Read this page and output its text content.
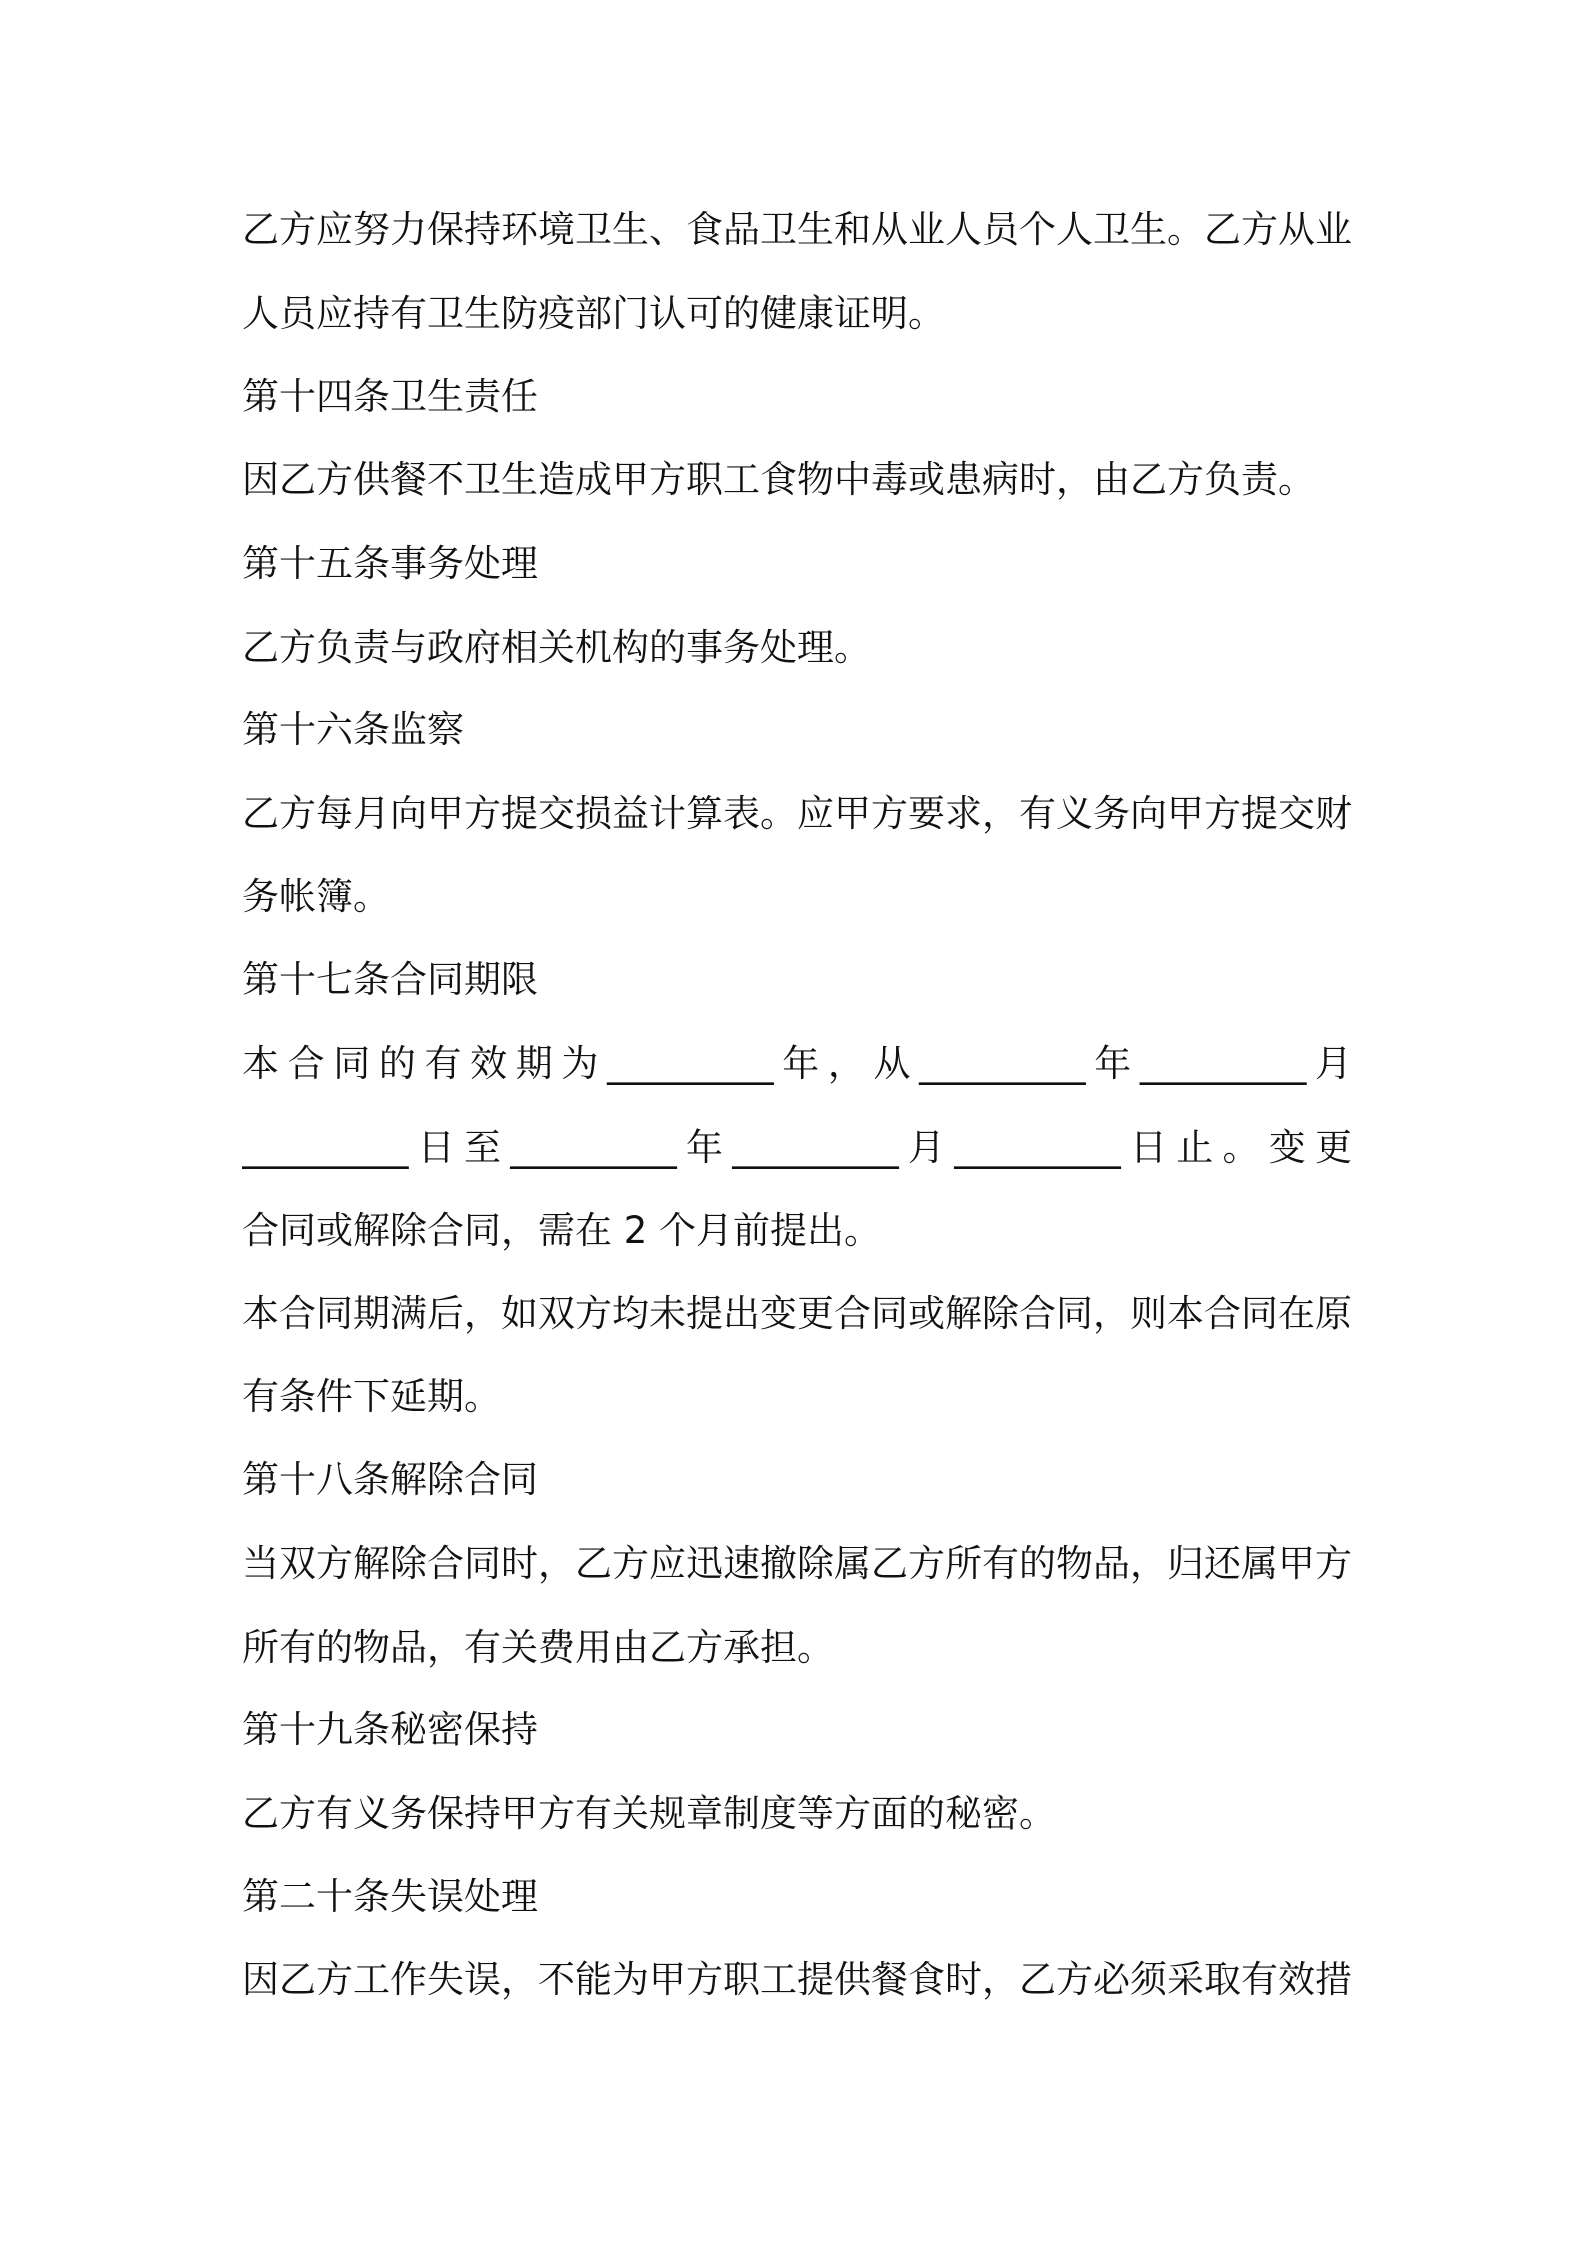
乙方应努力保持环境卫生、食品卫生和从业人员个人卫生。乙方从业
人员应持有卫生防疫部门认可的健康证明。
第十四条卫生责任
因乙方供餐不卫生造成甲方职工食物中毒或患病时，由乙方负责。
第十五条事务处理
乙方负责与政府相关机构的事务处理。
第十六条监察
乙方每月向甲方提交损益计算表。应甲方要求，有义务向甲方提交财
务帐簿。
第十七条合同期限
本合同的有效期为_________年，从_________年_________月
_________日至_________年_________月_________日止。变更
合同或解除合同，需在 2 个月前提出。
本合同期满后，如双方均未提出变更合同或解除合同，则本合同在原
有条件下延期。
第十八条解除合同
当双方解除合同时，乙方应迅速撤除属乙方所有的物品，归还属甲方
所有的物品，有关费用由乙方承担。
第十九条秘密保持
乙方有义务保持甲方有关规章制度等方面的秘密。
第二十条失误处理
因乙方工作失误，不能为甲方职工提供餐食时，乙方必须采取有效措
